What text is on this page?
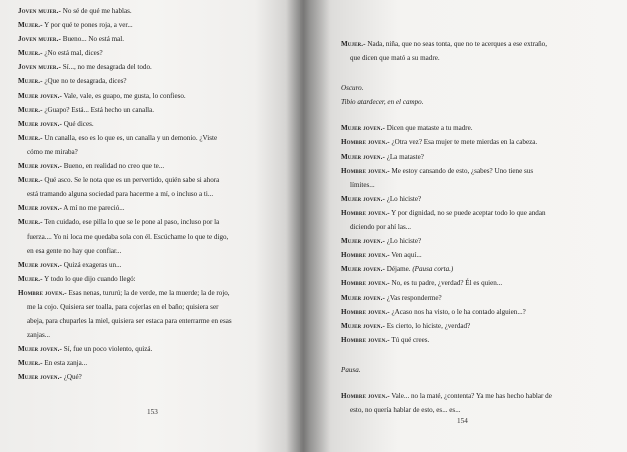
Joven mujer.- No sé de qué me hablas.
Mujer.- Y por qué te pones roja, a ver...
Joven mujer.- Bueno... No está mal.
Mujer.- ¿No está mal, dices?
Joven mujer.- Sí..., no me desagrada del todo.
Mujer.- ¿Que no te desagrada, dices?
Mujer joven.- Vale, vale, es guapo, me gusta, lo confieso.
Mujer.- ¿Guapo? Está... Está hecho un canalla.
Mujer joven.- Qué dices.
Mujer.- Un canalla, eso es lo que es, un canalla y un demonio. ¿Viste
cómo me miraba?
Mujer joven.- Bueno, en realidad no creo que te...
Mujer.- Qué asco. Se le nota que es un pervertido, quién sabe si ahora
está tramando alguna sociedad para hacerme a mí, o incluso a ti...
Mujer joven.- A mí no me pareció...
Mujer.- Ten cuidado, ese pilla lo que se le pone al paso, incluso por la
fuerza.... Yo ni loca me quedaba sola con él. Escúchame lo que te digo,
en esa gente no hay que confiar...
Mujer joven.- Quizá exageras un...
Mujer.- Y todo lo que dijo cuando llegó:
Hombre joven.- Esas nenas, tururú; la de verde, me la muerde; la de rojo,
me la cojo. Quisiera ser toalla, para cojerlas en el baño; quisiera ser
abeja, para chuparles la miel, quisiera ser estaca para enterrarme en esas
zanjas...
Mujer joven.- Sí, fue un poco violento, quizá.
Mujer.- En esta zanja...
Mujer joven.- ¿Qué?
153
Mujer.- Nada, niña, que no seas tonta, que no te acerques a ese extraño,
que dicen que mató a su madre.
Oscuro.
Tibio atardecer, en el campo.
Mujer joven.- Dicen que mataste a tu madre.
Hombre joven.- ¿Otra vez? Esa mujer te mete mierdas en la cabeza.
Mujer joven.- ¿La mataste?
Hombre joven.- Me estoy cansando de esto, ¿sabes? Uno tiene sus
límites...
Mujer joven.- ¿Lo hiciste?
Hombre joven.- Y por dignidad, no se puede aceptar todo lo que andan
diciendo por ahí las...
Mujer joven.- ¿Lo hiciste?
Hombre joven.- Ven aquí...
Mujer joven.- Déjame. (Pausa corta.)
Hombre joven.- No, es tu padre, ¿verdad? Él es quien...
Mujer joven.- ¿Vas responderme?
Hombre joven.- ¿Acaso nos ha visto, o le ha contado alguien...?
Mujer joven.- Es cierto, lo hiciste, ¿verdad?
Hombre joven.- Tú qué crees.
Pausa.
Hombre joven.- Vale... no la maté, ¿contenta? Ya me has hecho hablar de
esto, no quería hablar de esto, es... es...
154
